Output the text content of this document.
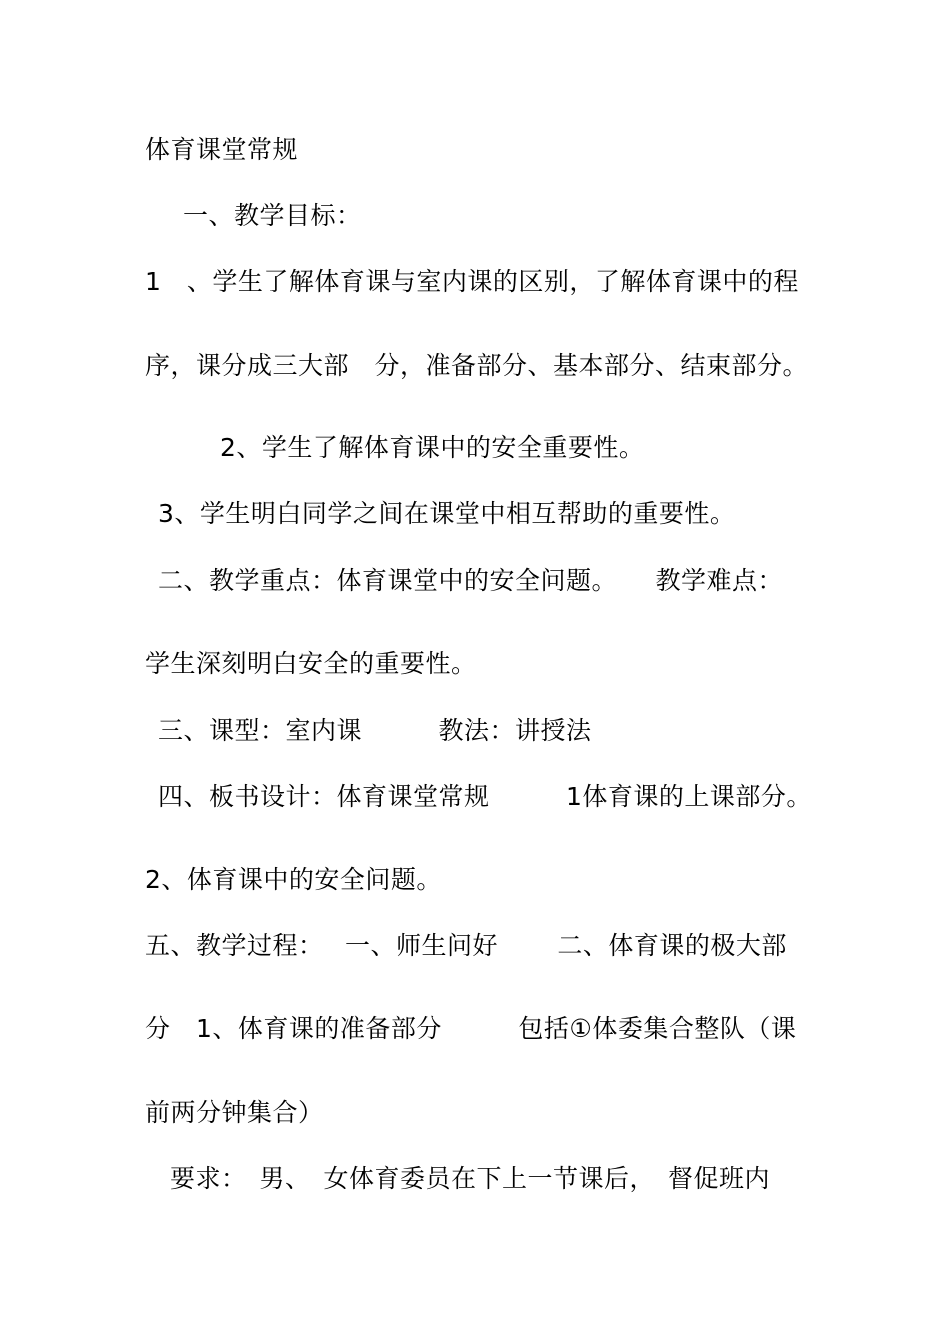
体育课堂常规
一、教学目标：
1　、学生了解体育课与室内课的区别，了解体育课中的程
序，课分成三大部　分，准备部分、基本部分、结束部分。
2、学生了解体育课中的安全重要性。
3、学生明白同学之间在课堂中相互帮助的重要性。
二、教学重点：体育课堂中的安全问题。　　教学难点：
学生深刻明白安全的重要性。
三、课型：室内课　　　教法：讲授法
四、板书设计：体育课堂常规　　　1体育课的上课部分。
2、体育课中的安全问题。
五、教学过程：　 一、师生问好　　 二、体育课的极大部
分　1、体育课的准备部分　　　包括①体委集合整队（课
前两分钟集合）
要求：　男、　女体育委员在下上一节课后，　督促班内
